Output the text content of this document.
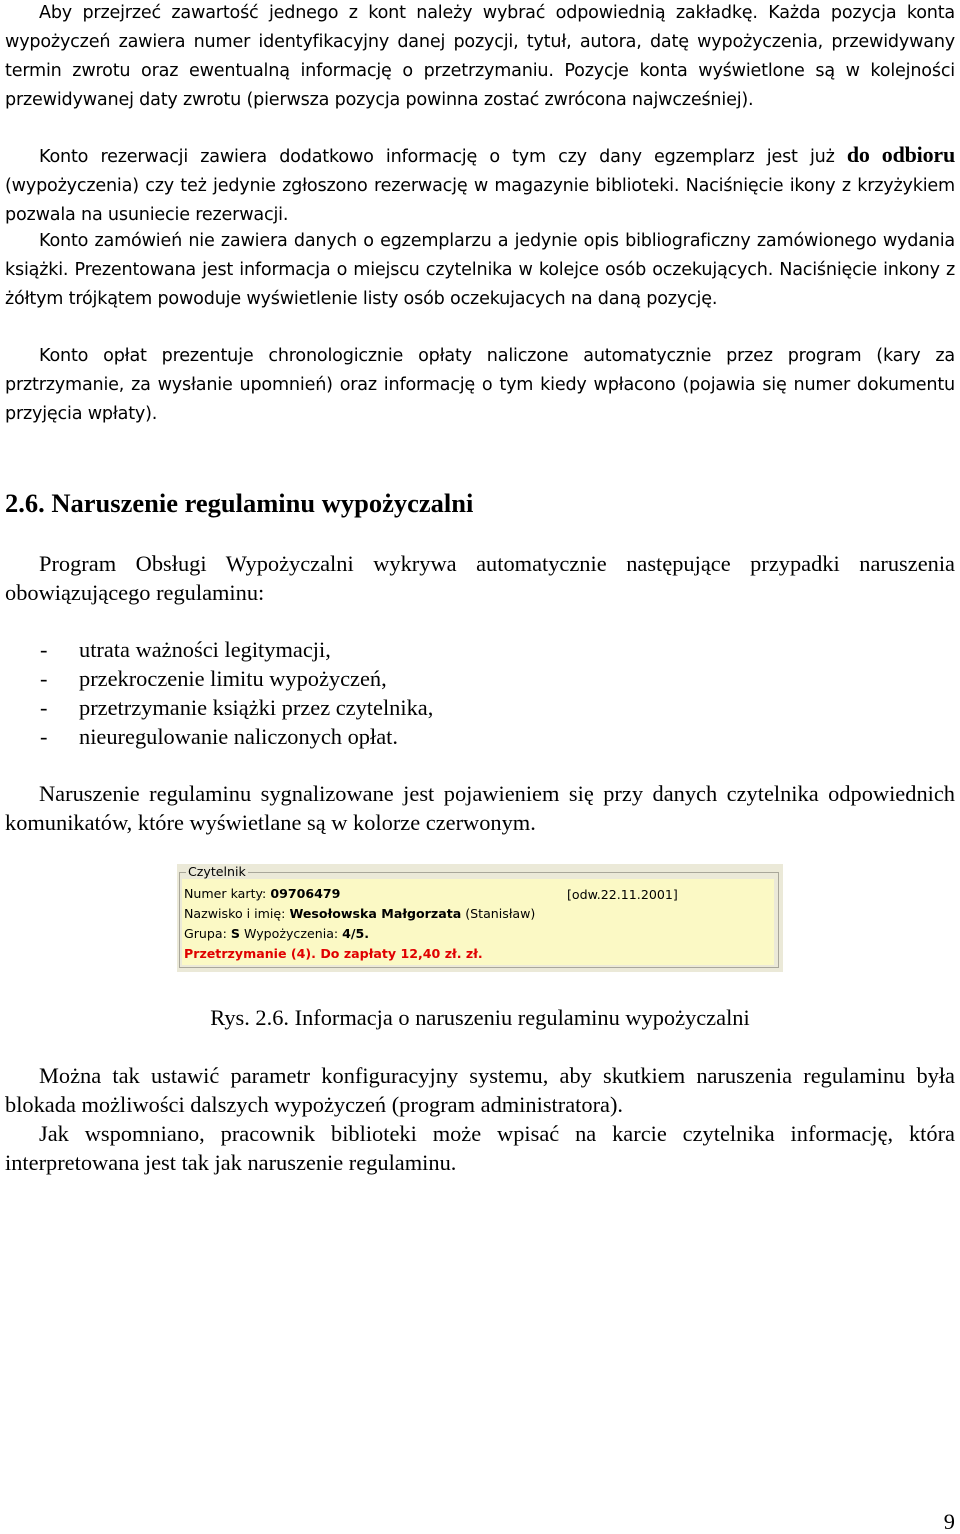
Aby przejrzeć zawartość jednego z kont należy wybrać odpowiednią zakładkę. Każda pozycja konta wypożyczeń zawiera numer identyfikacyjny danej pozycji, tytuł, autora, datę wypożyczenia, przewidywany termin zwrotu oraz ewentualną informację o przetrzymaniu. Pozycje konta wyświetlone są w kolejności przewidywanej daty zwrotu (pierwsza pozycja powinna zostać zwrócona najwcześniej).

Konto rezerwacji zawiera dodatkowo informację o tym czy dany egzemplarz jest już do odbioru (wypożyczenia) czy też jedynie zgłoszono rezerwację w magazynie biblioteki. Naciśnięcie ikony z krzyżykiem pozwala na usuniecie rezerwacji.

Konto zamówień nie zawiera danych o egzemplarzu a jedynie opis bibliograficzny zamówionego wydania książki. Prezentowana jest informacja o miejscu czytelnika w kolejce osób oczekujących. Naciśnięcie inkony z żółtym trójkątem powoduje wyświetlenie listy osób oczekujacych na daną pozycję.

Konto opłat prezentuje chronologicznie opłaty naliczone automatycznie przez program (kary za prztrzymanie, za wysłanie upomnień) oraz informację o tym kiedy wpłacono (pojawia się numer dokumentu przyjęcia wpłaty).

2.6. Naruszenie regulaminu wypożyczalni

Program Obsługi Wypożyczalni wykrywa automatycznie następujące przypadki naruszenia obowiązującego regulaminu:

- utrata ważności legitymacji,
- przekroczenie limitu wypożyczeń,
- przetrzymanie książki przez czytelnika,
- nieuregulowanie naliczonych opłat.

Naruszenie regulaminu sygnalizowane jest pojawieniem się przy danych czytelnika odpowiednich komunikatów, które wyświetlane są w kolorze czerwonym.

Czytelnik
Numer karty: 09706479	[odw.22.11.2001]
Nazwisko i imię: Wesołowska Małgorzata (Stanisław)
Grupa: S Wypożyczenia: 4/5.
Przetrzymanie (4). Do zapłaty 12,40 zł. zł.
Rys. 2.6. Informacja o naruszeniu regulaminu wypożyczalni

Można tak ustawić parametr konfiguracyjny systemu, aby skutkiem naruszenia regulaminu była blokada możliwości dalszych wypożyczeń (program administratora).

Jak wspomniano, pracownik biblioteki może wpisać na karcie czytelnika informację, która interpretowana jest tak jak naruszenie regulaminu.

9
